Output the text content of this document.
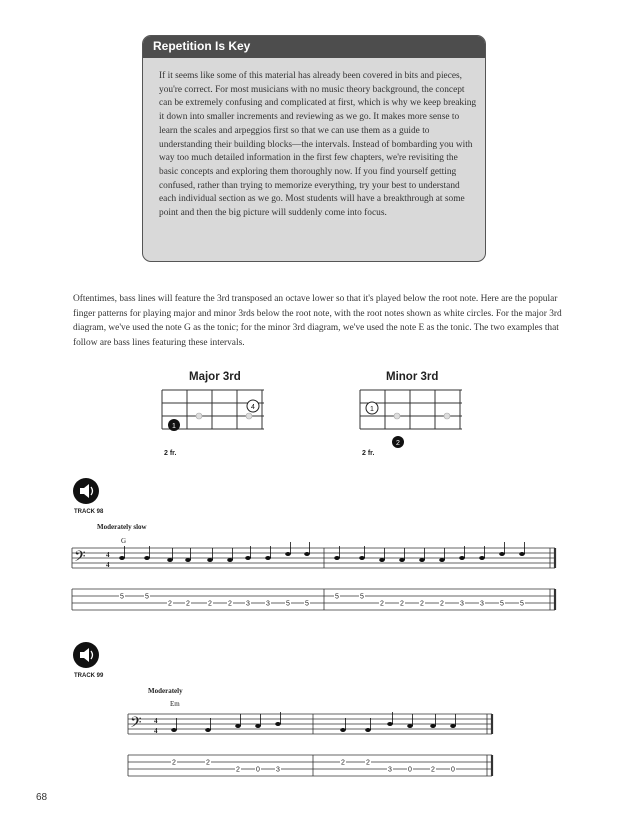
Repetition Is Key
If it seems like some of this material has already been covered in bits and pieces, you're correct. For most musicians with no music theory background, the concept can be extremely confusing and complicated at first, which is why we keep breaking it down into smaller increments and reviewing as we go. It makes more sense to learn the scales and arpeggios first so that we can use them as a guide to understanding their building blocks—the intervals. Instead of bombarding you with way too much detailed information in the first few chapters, we're revisiting the basic concepts and exploring them thoroughly now. If you find yourself getting confused, rather than trying to memorize everything, try your best to understand each individual section as we go. Most students will have a breakthrough at some point and then the big picture will suddenly come into focus.
Oftentimes, bass lines will feature the 3rd transposed an octave lower so that it's played below the root note. Here are the popular finger patterns for playing major and minor 3rds below the root note, with the root notes shown as white circles. For the major 3rd diagram, we've used the note G as the tonic; for the minor 3rd diagram, we've used the note E as the tonic. The two examples that follow are bass lines featuring these intervals.
Major 3rd
1
4
2 fr.
Minor 3rd
1
2
2 fr.
TRACK 98
Moderately slow
G
𝄢	4
4
5	5
2 2	2 2 3 3 5 5
5	5
2 2 2 2 3 3 5 5
TRACK 99
Moderately
Em
𝄢 4
4
2	2
2 0 3
2	2
3 0	2 0
68
